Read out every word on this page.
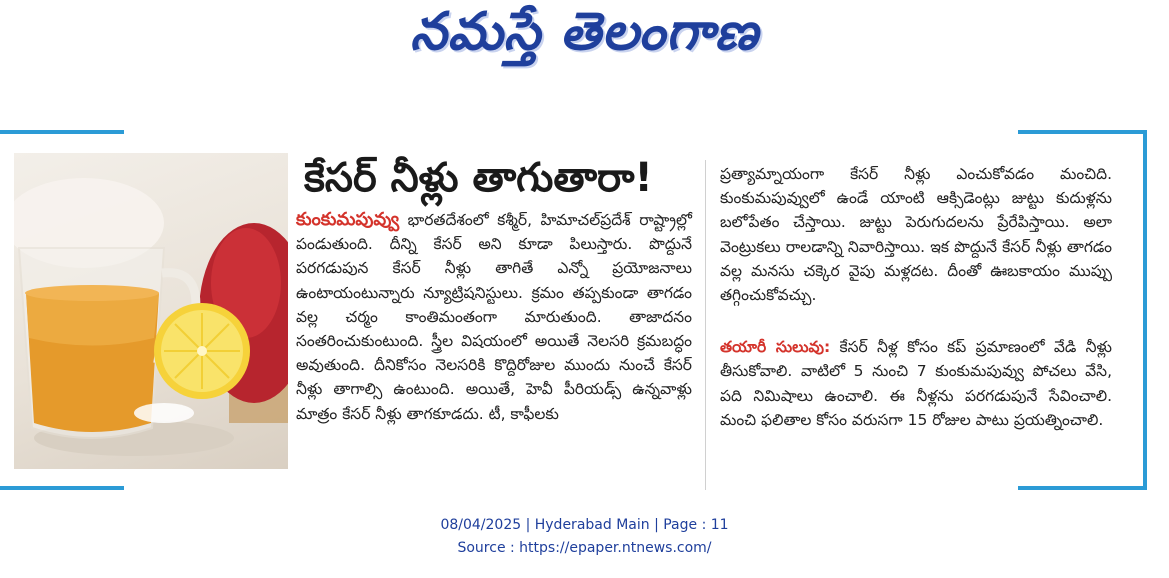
నమస్తే తెలంగాణ
కేసర్ నీళ్లు తాగుతారా!

కుంకుమపువ్వు భారతదేశంలో కశ్మీర్, హిమాచల్‌ప్రదేశ్ రాష్ట్రాల్లో పండుతుంది. దీన్ని కేసర్ అని కూడా పిలుస్తారు. పొద్దునే పరగడుపున కేసర్ నీళ్లు తాగితే ఎన్నో ప్రయోజనాలు ఉంటాయంటున్నారు న్యూట్రిషనిస్టులు. క్రమం తప్పకుండా తాగడం వల్ల చర్మం కాంతిమంతంగా మారుతుంది. తాజాదనం సంతరించుకుంటుంది. స్త్రీల విషయంలో అయితే నెలసరి క్రమబద్ధం అవుతుంది. దీనికోసం నెలసరికి కొద్దిరోజుల ముందు నుంచే కేసర్ నీళ్లు తాగాల్సి ఉంటుంది. అయితే, హెవీ పీరియడ్స్ ఉన్నవాళ్లు మాత్రం కేసర్ నీళ్లు తాగకూడదు. టీ, కాఫీలకు

ప్రత్యామ్నాయంగా కేసర్ నీళ్లు ఎంచుకోవడం మంచిది. కుంకుమపువ్వులో ఉండే యాంటి ఆక్సిడెంట్లు జుట్టు కుదుళ్లను బలోపేతం చేస్తాయి. జుట్టు పెరుగుదలను ప్రేరేపిస్తాయి. అలా వెంట్రుకలు రాలడాన్ని నివారిస్తాయి. ఇక పొద్దునే కేసర్ నీళ్లు తాగడం వల్ల మనసు చక్కెర వైపు మళ్లదట. దీంతో ఊబకాయం ముప్పు తగ్గించుకోవచ్చు.

తయారీ సులువు: కేసర్ నీళ్ల కోసం కప్ ప్రమాణంలో వేడి నీళ్లు తీసుకోవాలి. వాటిలో 5 నుంచి 7 కుంకుమపువ్వు పోచలు వేసి, పది నిమిషాలు ఉంచాలి. ఈ నీళ్లను పరగడుపునే సేవించాలి. మంచి ఫలితాల కోసం వరుసగా 15 రోజుల పాటు ప్రయత్నించాలి.

08/04/2025 | Hyderabad Main | Page : 11
Source : https://epaper.ntnews.com/
